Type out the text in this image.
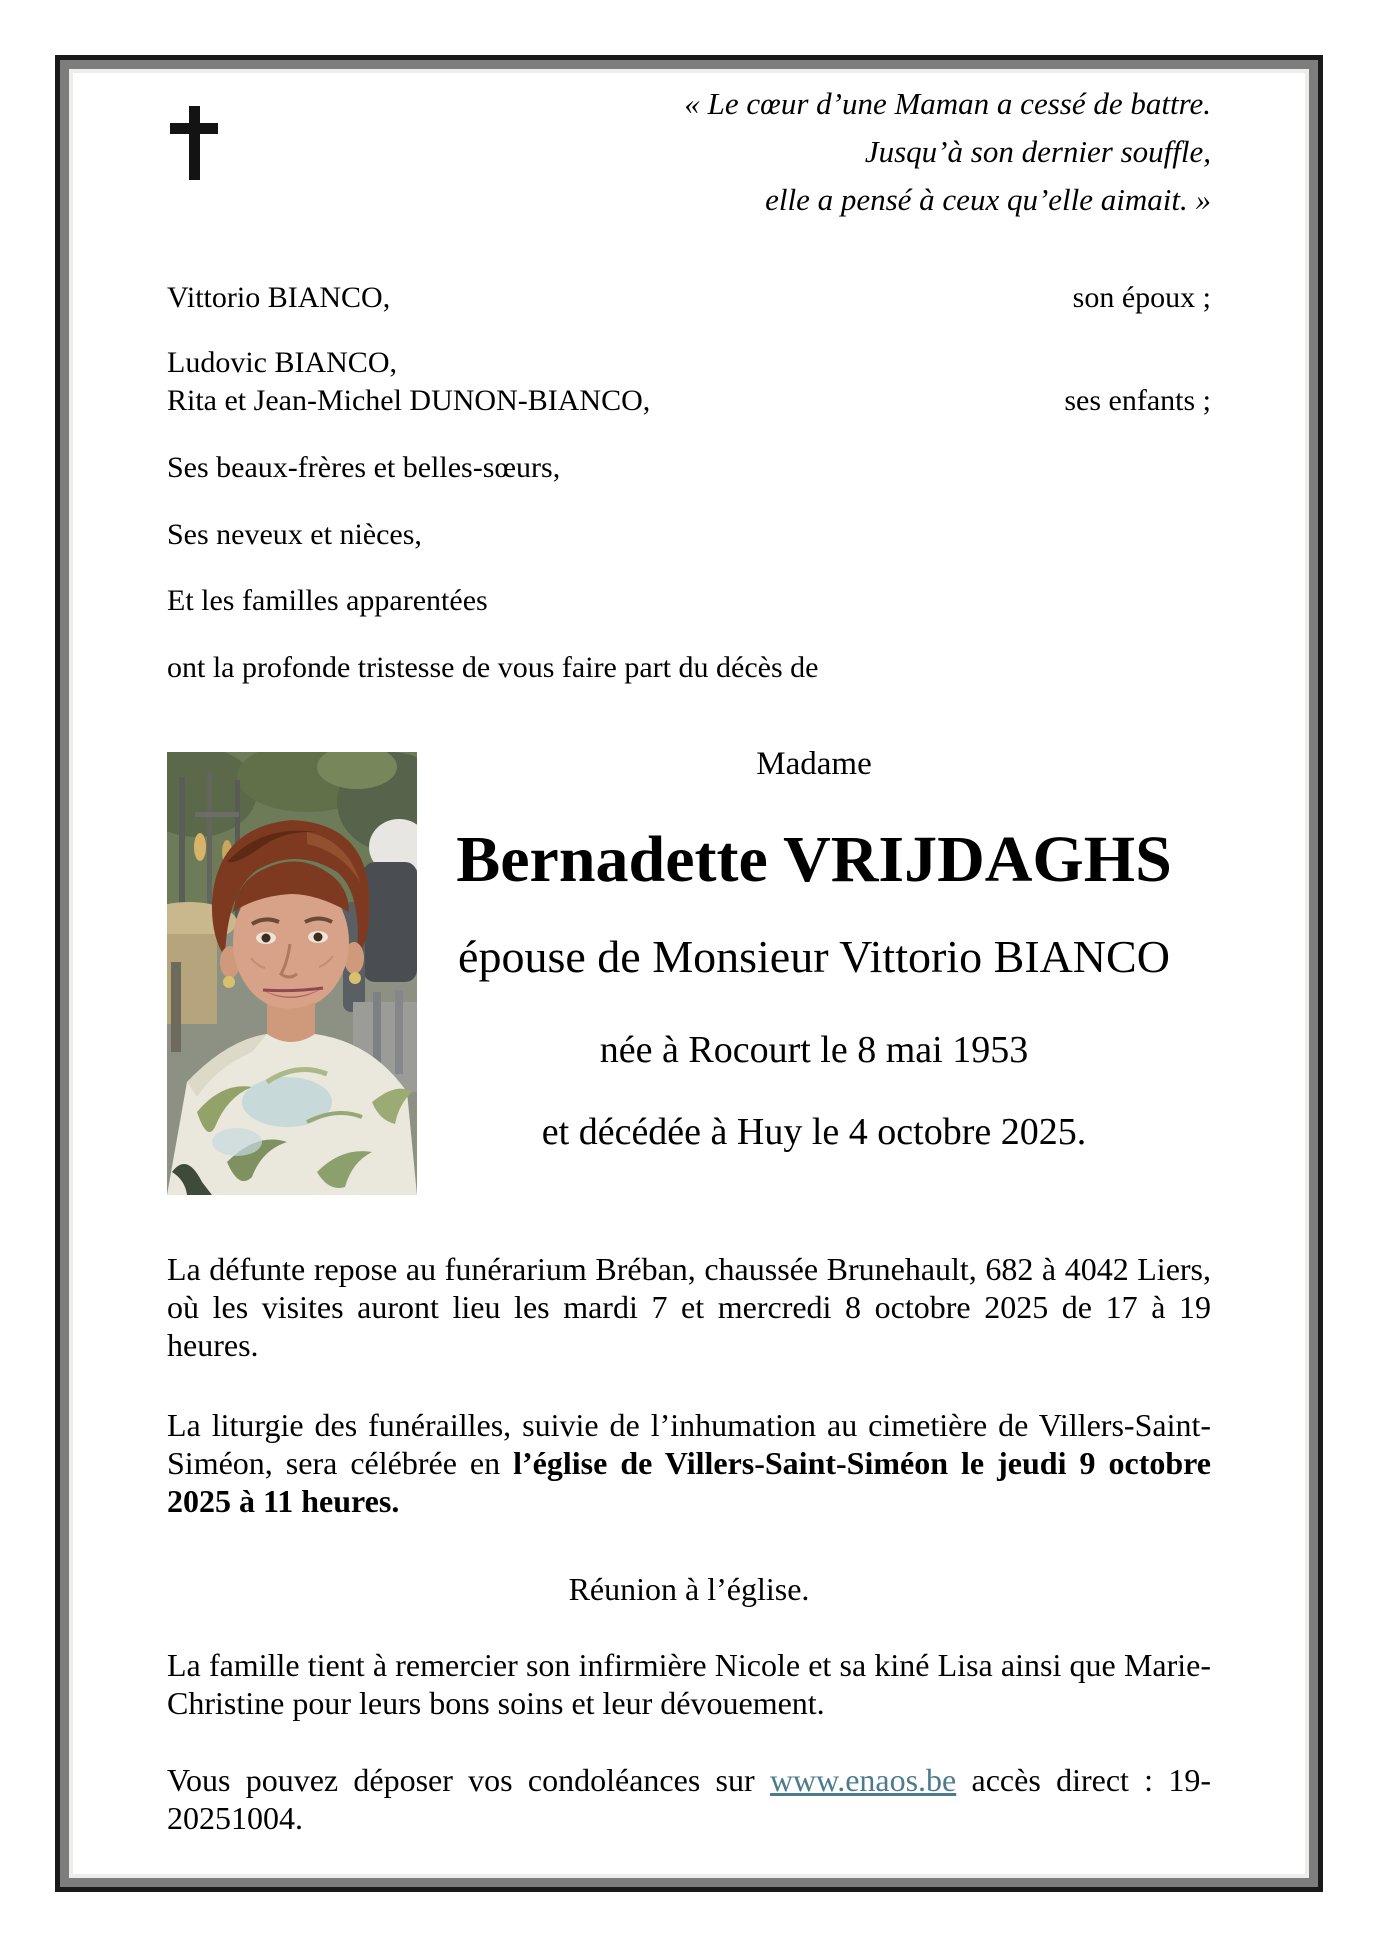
« Le cœur d’une Maman a cessé de battre.
Jusqu’à son dernier souffle,
elle a pensé à ceux qu’elle aimait. »
Vittorio BIANCO,	son époux ;
Ludovic BIANCO,
Rita et Jean-Michel DUNON-BIANCO,	ses enfants ;
Ses beaux-frères et belles-sœurs,
Ses neveux et nièces,
Et les familles apparentées
ont la profonde tristesse de vous faire part du décès de
Madame
Bernadette VRIJDAGHS
épouse de Monsieur Vittorio BIANCO
née à Rocourt le 8 mai 1953
et décédée à Huy le 4 octobre 2025.
La défunte repose au funérarium Bréban, chaussée Brunehault, 682 à 4042 Liers, où les visites auront lieu les mardi 7 et mercredi 8 octobre 2025 de 17 à 19 heures.
La liturgie des funérailles, suivie de l’inhumation au cimetière de Villers-Saint-Siméon, sera célébrée en l’église de Villers-Saint-Siméon le jeudi 9 octobre 2025 à 11 heures.
Réunion à l’église.
La famille tient à remercier son infirmière Nicole et sa kiné Lisa ainsi que Marie-Christine pour leurs bons soins et leur dévouement.
Vous pouvez déposer vos condoléances sur www.enaos.be accès direct : 19-20251004.
